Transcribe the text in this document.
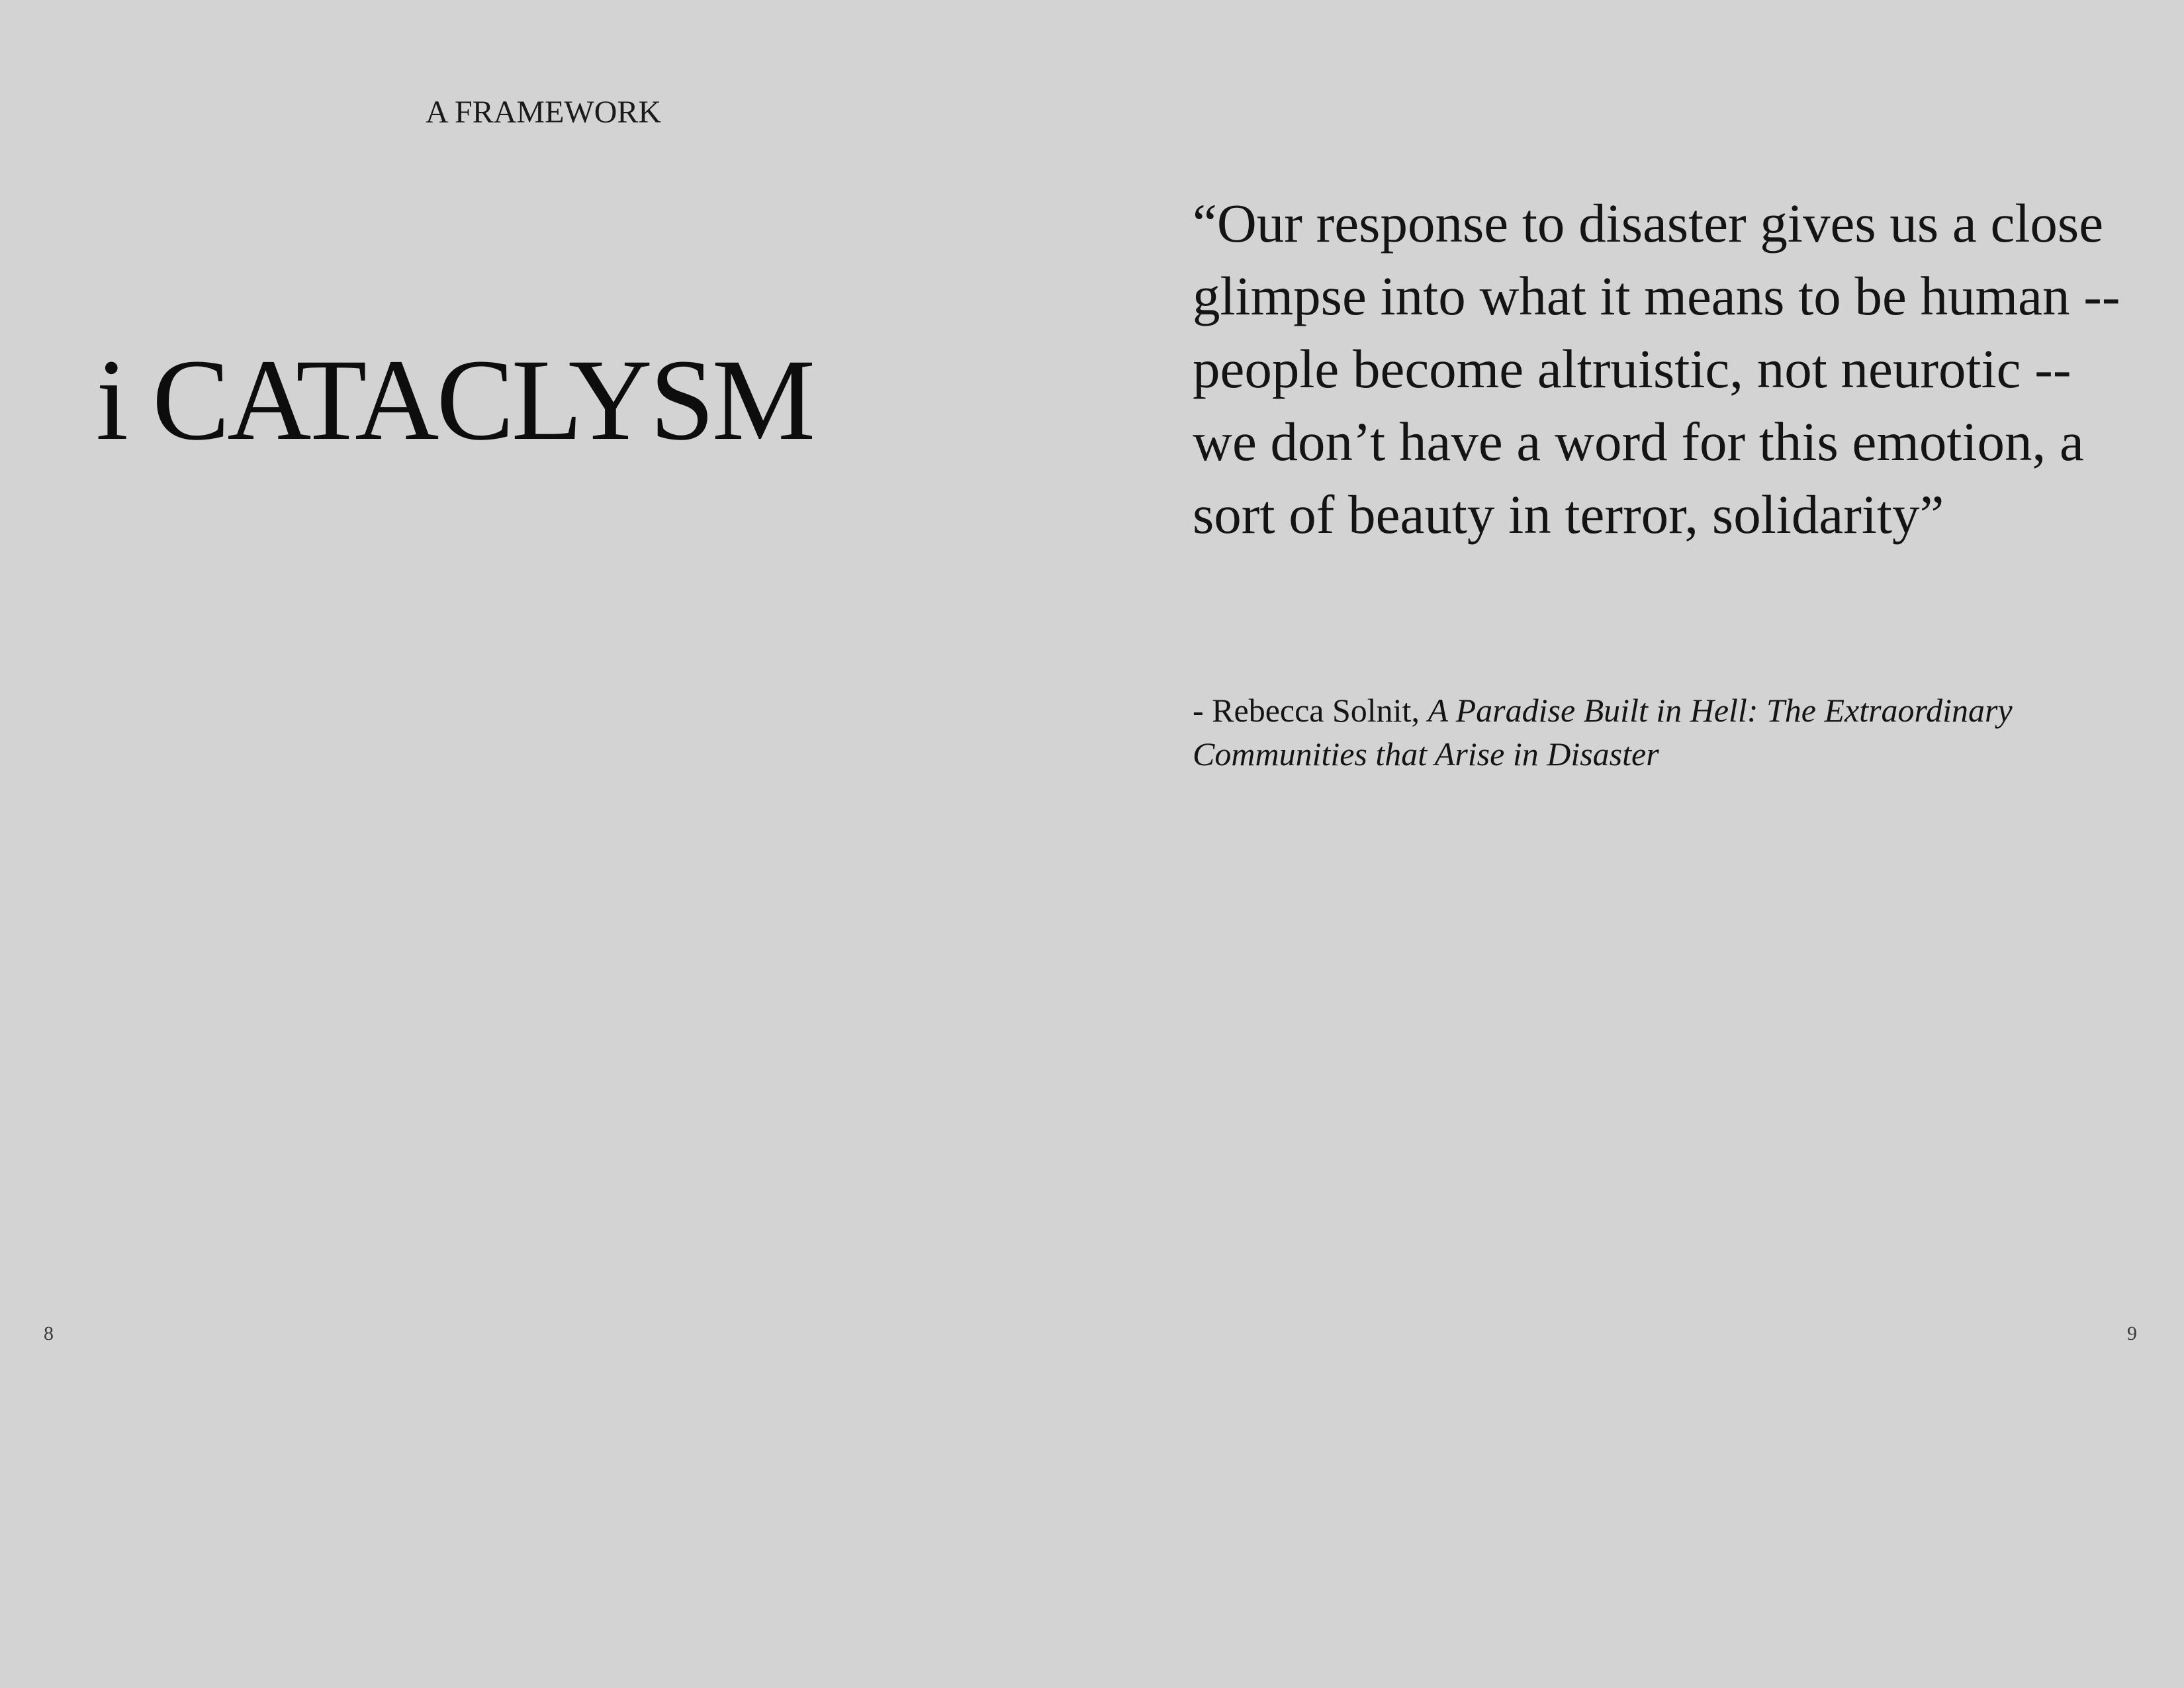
A FRAMEWORK
i CATACLYSM
8

“Our response to disaster gives us a close glimpse into what it means to be human -- people become altruistic, not neurotic -- we don’t have a word for this emotion, a sort of beauty in terror, solidarity”

- Rebecca Solnit, A Paradise Built in Hell: The Extraordinary Communities that Arise in Disaster
9
